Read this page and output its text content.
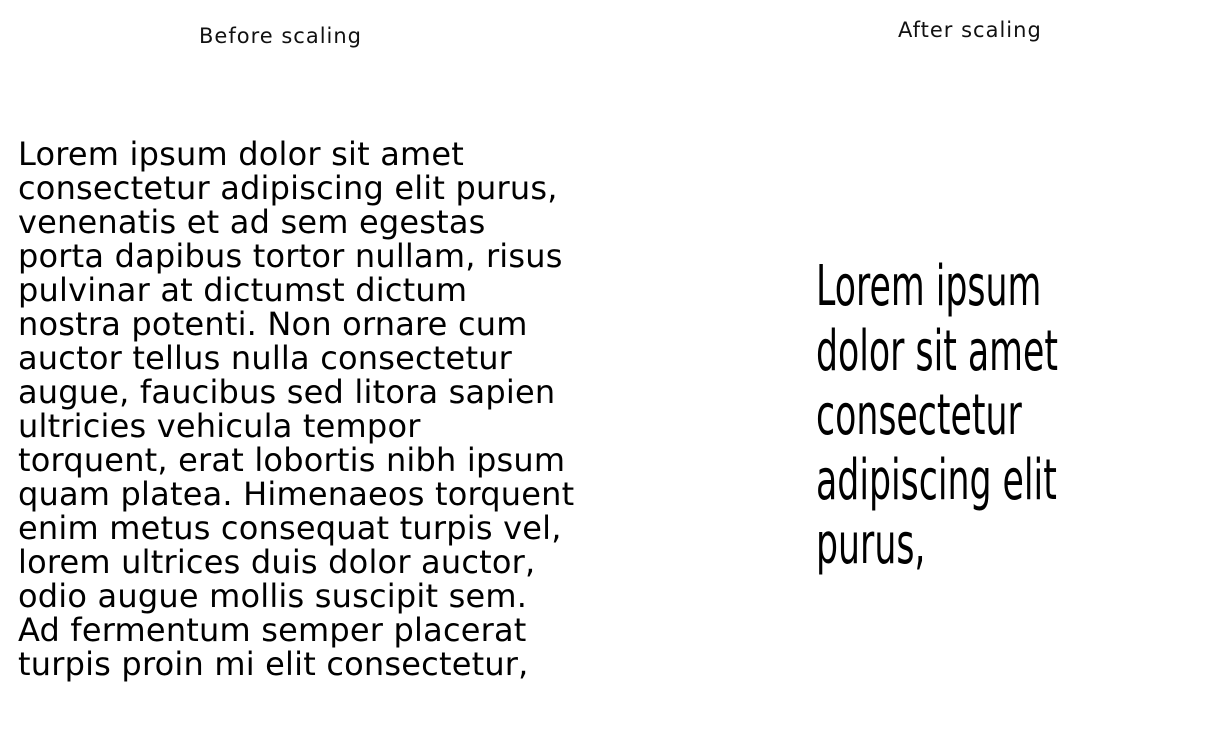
Before scaling	After scaling
Lorem ipsum dolor sit amet
consectetur adipiscing elit purus,
venenatis et ad sem egestas
porta dapibus tortor nullam, risus
pulvinar at dictumst dictum
nostra potenti. Non ornare cum
auctor tellus nulla consectetur
augue, faucibus sed litora sapien
ultricies vehicula tempor
torquent, erat lobortis nibh ipsum
quam platea. Himenaeos torquent
enim metus consequat turpis vel,
lorem ultrices duis dolor auctor,
odio augue mollis suscipit sem.
Ad fermentum semper placerat
turpis proin mi elit consectetur,
Lorem ipsum
dolor sit amet
consectetur
adipiscing elit
purus,
